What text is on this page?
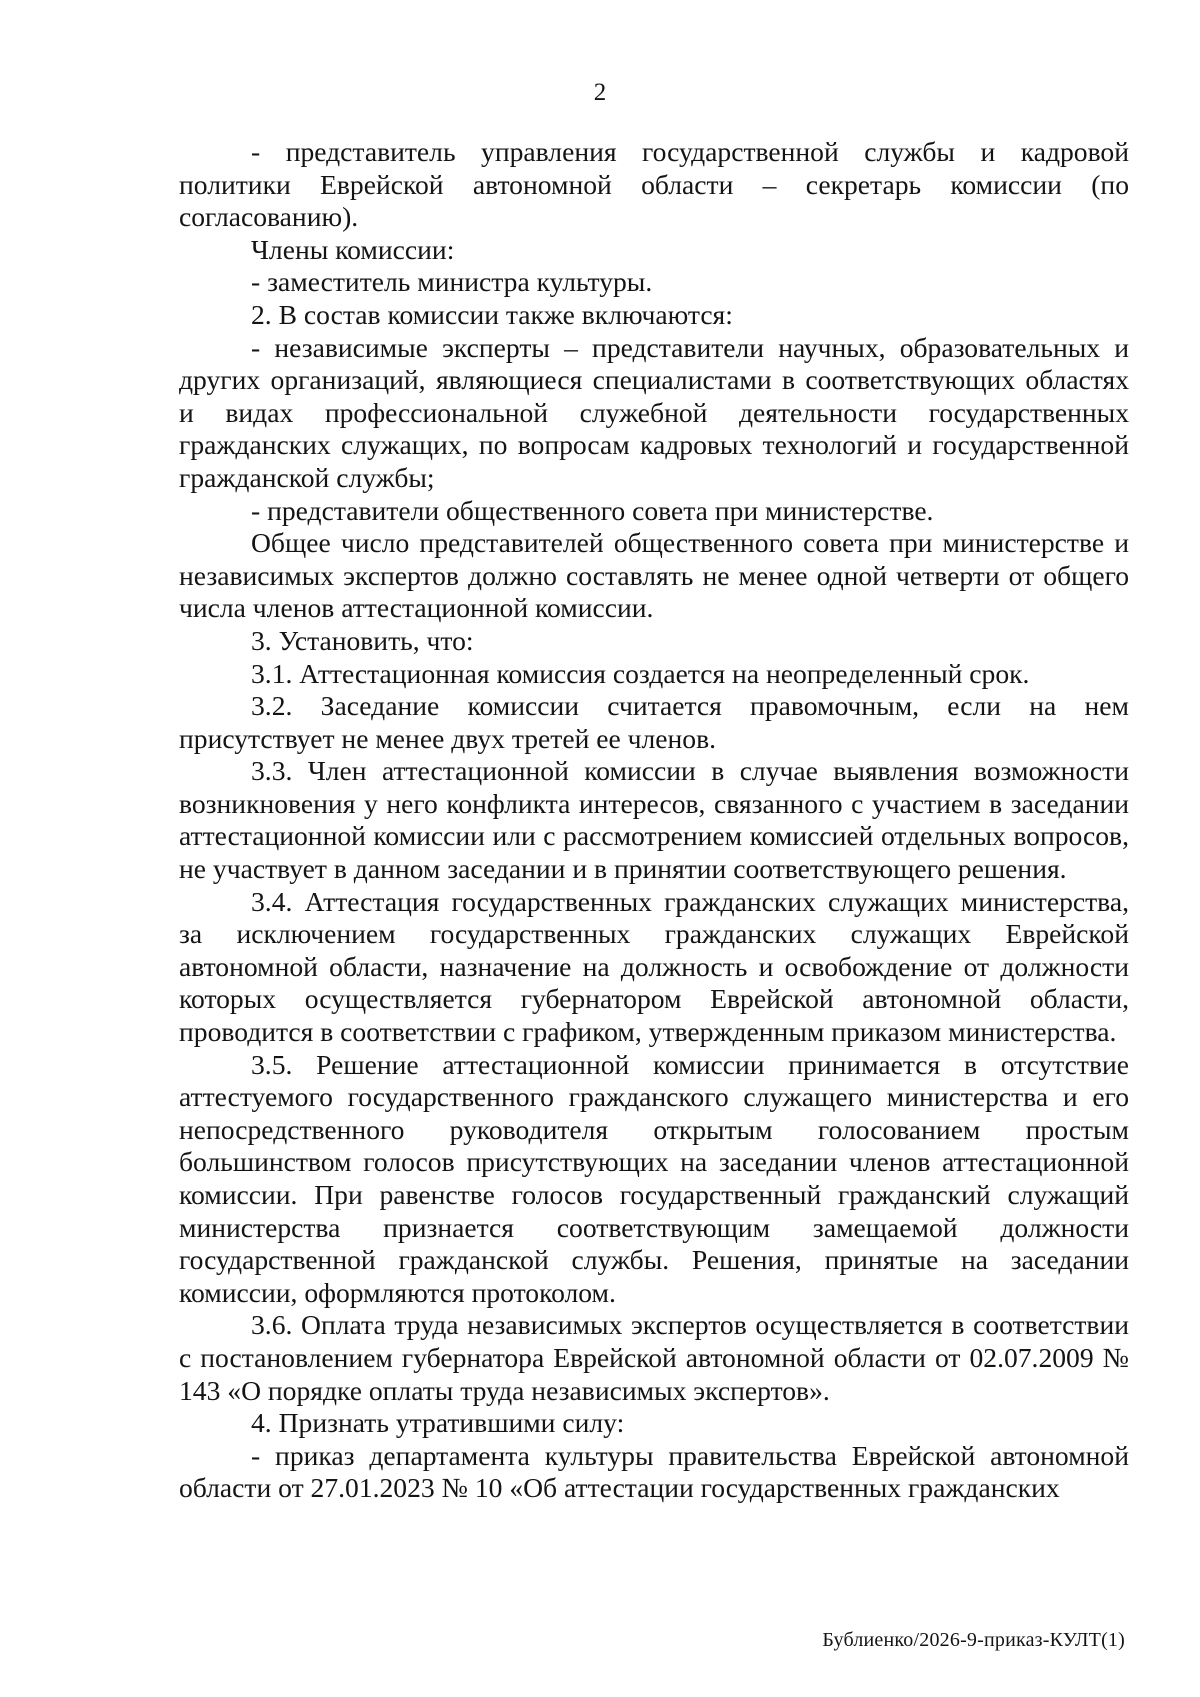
2

- представитель управления государственной службы и кадровой политики Еврейской автономной области – секретарь комиссии (по согласованию).

Члены комиссии:

- заместитель министра культуры.

2. В состав комиссии также включаются:

- независимые эксперты – представители научных, образовательных и других организаций, являющиеся специалистами в соответствующих областях и видах профессиональной служебной деятельности государственных гражданских служащих, по вопросам кадровых технологий и государственной гражданской службы;

- представители общественного совета при министерстве.

Общее число представителей общественного совета при министерстве и независимых экспертов должно составлять не менее одной четверти от общего числа членов аттестационной комиссии.

3. Установить, что:

3.1. Аттестационная комиссия создается на неопределенный срок.

3.2. Заседание комиссии считается правомочным, если на нем присутствует не менее двух третей ее членов.

3.3. Член аттестационной комиссии в случае выявления возможности возникновения у него конфликта интересов, связанного с участием в заседании аттестационной комиссии или с рассмотрением комиссией отдельных вопросов, не участвует в данном заседании и в принятии соответствующего решения.

3.4. Аттестация государственных гражданских служащих министерства, за исключением государственных гражданских служащих Еврейской автономной области, назначение на должность и освобождение от должности которых осуществляется губернатором Еврейской автономной области, проводится в соответствии с графиком, утвержденным приказом министерства.

3.5. Решение аттестационной комиссии принимается в отсутствие аттестуемого государственного гражданского служащего министерства и его непосредственного руководителя открытым голосованием простым большинством голосов присутствующих на заседании членов аттестационной комиссии. При равенстве голосов государственный гражданский служащий министерства признается соответствующим замещаемой должности государственной гражданской службы. Решения, принятые на заседании комиссии, оформляются протоколом.

3.6. Оплата труда независимых экспертов осуществляется в соответствии с постановлением губернатора Еврейской автономной области от 02.07.2009 № 143 «О порядке оплаты труда независимых экспертов».

4. Признать утратившими силу:

- приказ департамента культуры правительства Еврейской автономной области от 27.01.2023 № 10 «Об аттестации государственных гражданских

Бублиенко/2026-9-приказ-КУЛТ(1)
